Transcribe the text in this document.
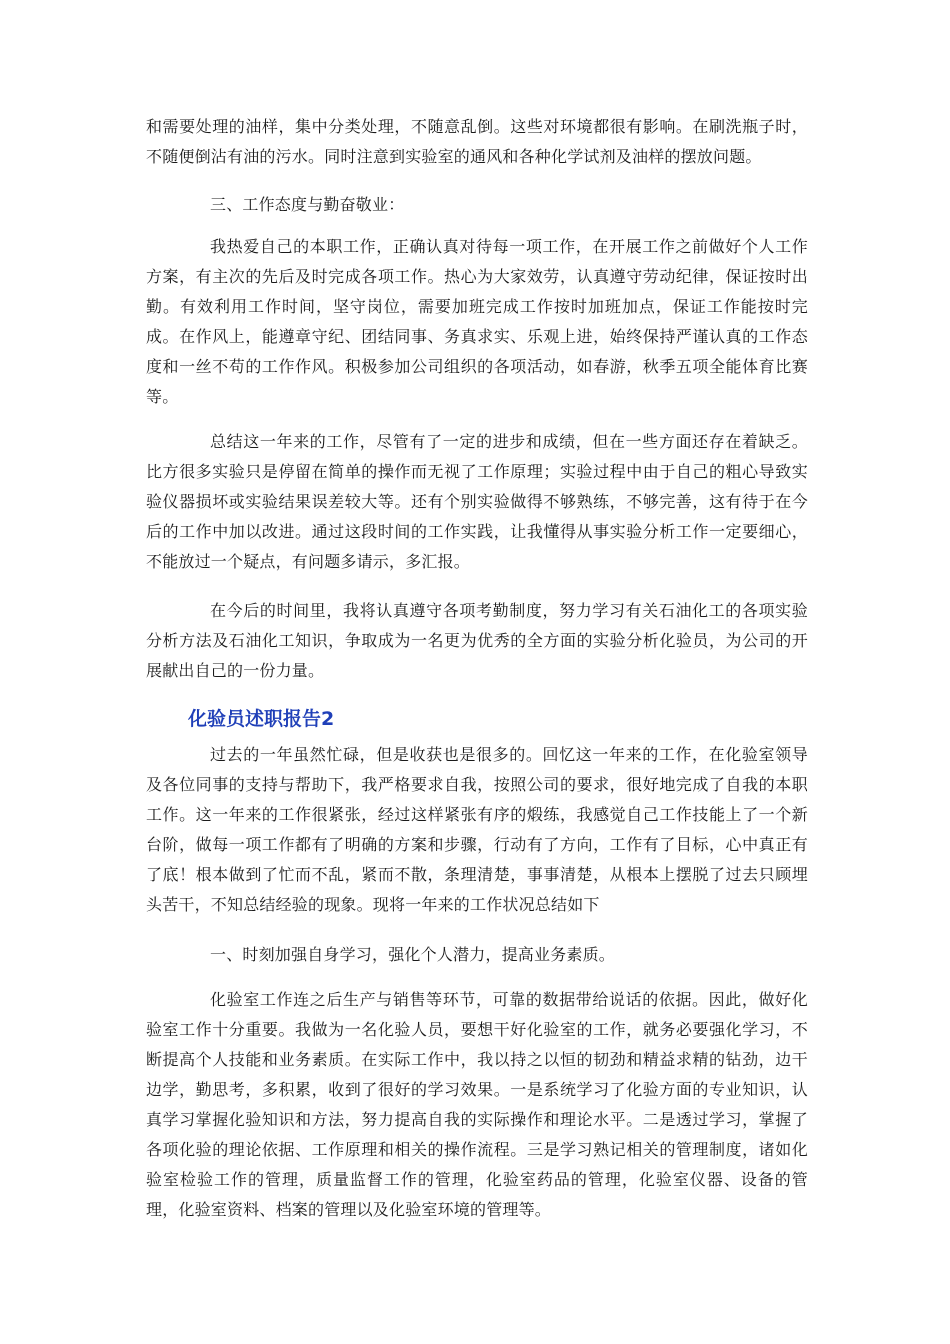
和需要处理的油样，集中分类处理，不随意乱倒。这些对环境都很有影响。在刷洗瓶子时，不随便倒沾有油的污水。同时注意到实验室的通风和各种化学试剂及油样的摆放问题。

三、工作态度与勤奋敬业：

我热爱自己的本职工作，正确认真对待每一项工作，在开展工作之前做好个人工作方案，有主次的先后及时完成各项工作。热心为大家效劳，认真遵守劳动纪律，保证按时出勤。有效利用工作时间，坚守岗位，需要加班完成工作按时加班加点，保证工作能按时完成。在作风上，能遵章守纪、团结同事、务真求实、乐观上进，始终保持严谨认真的工作态度和一丝不苟的工作作风。积极参加公司组织的各项活动，如春游，秋季五项全能体育比赛等。

总结这一年来的工作，尽管有了一定的进步和成绩，但在一些方面还存在着缺乏。比方很多实验只是停留在简单的操作而无视了工作原理；实验过程中由于自己的粗心导致实验仪器损坏或实验结果误差较大等。还有个别实验做得不够熟练，不够完善，这有待于在今后的工作中加以改进。通过这段时间的工作实践，让我懂得从事实验分析工作一定要细心，不能放过一个疑点，有问题多请示，多汇报。

在今后的时间里，我将认真遵守各项考勤制度，努力学习有关石油化工的各项实验分析方法及石油化工知识，争取成为一名更为优秀的全方面的实验分析化验员，为公司的开展献出自己的一份力量。

化验员述职报告2

过去的一年虽然忙碌，但是收获也是很多的。回忆这一年来的工作，在化验室领导及各位同事的支持与帮助下，我严格要求自我，按照公司的要求，很好地完成了自我的本职工作。这一年来的工作很紧张，经过这样紧张有序的煅练，我感觉自己工作技能上了一个新台阶，做每一项工作都有了明确的方案和步骤，行动有了方向，工作有了目标，心中真正有了底！根本做到了忙而不乱，紧而不散，条理清楚，事事清楚，从根本上摆脱了过去只顾埋头苦干，不知总结经验的现象。现将一年来的工作状况总结如下

一、时刻加强自身学习，强化个人潜力，提高业务素质。

化验室工作连之后生产与销售等环节，可靠的数据带给说话的依据。因此，做好化验室工作十分重要。我做为一名化验人员，要想干好化验室的工作，就务必要强化学习，不断提高个人技能和业务素质。在实际工作中，我以持之以恒的韧劲和精益求精的钻劲，边干边学，勤思考，多积累，收到了很好的学习效果。一是系统学习了化验方面的专业知识，认真学习掌握化验知识和方法，努力提高自我的实际操作和理论水平。二是透过学习，掌握了各项化验的理论依据、工作原理和相关的操作流程。三是学习熟记相关的管理制度，诸如化验室检验工作的管理，质量监督工作的管理，化验室药品的管理，化验室仪器、设备的管理，化验室资料、档案的管理以及化验室环境的管理等。
